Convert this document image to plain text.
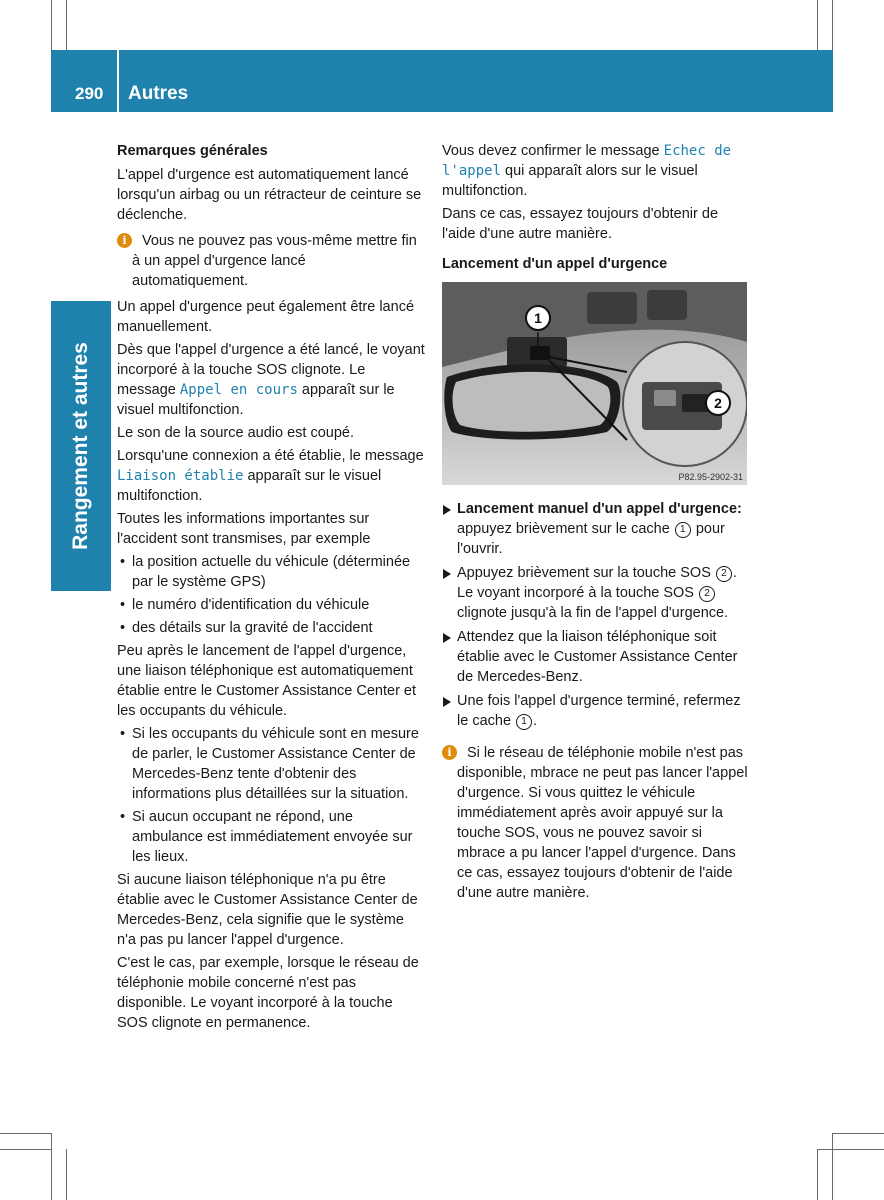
290 Autres
Rangement et autres

Remarques générales

L'appel d'urgence est automatiquement lancé lorsqu'un airbag ou un rétracteur de ceinture se déclenche.

i	Vous ne pouvez pas vous-même mettre fin à un appel d'urgence lancé automatiquement.

Un appel d'urgence peut également être lancé manuellement.

Dès que l'appel d'urgence a été lancé, le voyant incorporé à la touche SOS clignote. Le message Appel en cours apparaît sur le visuel multifonction.

Le son de la source audio est coupé.

Lorsqu'une connexion a été établie, le message Liaison établie apparaît sur le visuel multifonction.

Toutes les informations importantes sur l'accident sont transmises, par exemple

• la position actuelle du véhicule (déterminée par le système GPS)
• le numéro d'identification du véhicule
• des détails sur la gravité de l'accident

Peu après le lancement de l'appel d'urgence, une liaison téléphonique est automatiquement établie entre le Customer Assistance Center et les occupants du véhicule.

• Si les occupants du véhicule sont en mesure de parler, le Customer Assistance Center de Mercedes-Benz tente d'obtenir des informations plus détaillées sur la situation.
• Si aucun occupant ne répond, une ambulance est immédiatement envoyée sur les lieux.

Si aucune liaison téléphonique n'a pu être établie avec le Customer Assistance Center de Mercedes-Benz, cela signifie que le système n'a pas pu lancer l'appel d'urgence.

C'est le cas, par exemple, lorsque le réseau de téléphonie mobile concerné n'est pas disponible. Le voyant incorporé à la touche SOS clignote en permanence.

Vous devez confirmer le message Echec de l'appel qui apparaît alors sur le visuel multifonction.

Dans ce cas, essayez toujours d'obtenir de l'aide d'une autre manière.

Lancement d'un appel d'urgence

1
2
P82.95-2902-31
Lancement manuel d'un appel d'urgence: appuyez brièvement sur le cache 1 pour l'ouvrir.
Appuyez brièvement sur la touche SOS 2 . Le voyant incorporé à la touche SOS 2 clignote jusqu'à la fin de l'appel d'urgence.
Attendez que la liaison téléphonique soit établie avec le Customer Assistance Center de Mercedes-Benz.
Une fois l'appel d'urgence terminé, refermez le cache 1 .
i	Si le réseau de téléphonie mobile n'est pas disponible, mbrace ne peut pas lancer l'appel d'urgence. Si vous quittez le véhicule immédiatement après avoir appuyé sur la touche SOS, vous ne pouvez savoir si mbrace a pu lancer l'appel d'urgence. Dans ce cas, essayez toujours d'obtenir de l'aide d'une autre manière.
